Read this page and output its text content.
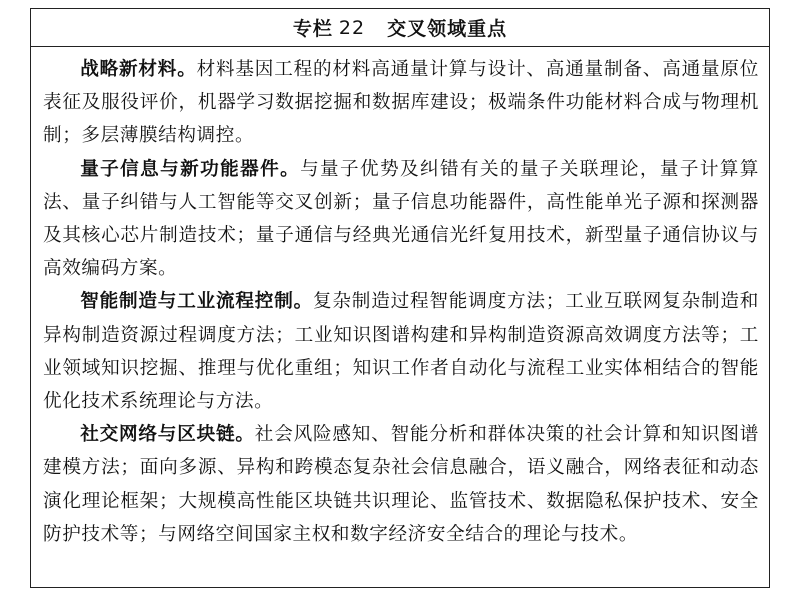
专栏 22 交叉领域重点

战略新材料。材料基因工程的材料高通量计算与设计、高通量制备、高通量原位表征及服役评价，机器学习数据挖掘和数据库建设；极端条件功能材料合成与物理机制；多层薄膜结构调控。

量子信息与新功能器件。与量子优势及纠错有关的量子关联理论，量子计算算法、量子纠错与人工智能等交叉创新；量子信息功能器件，高性能单光子源和探测器及其核心芯片制造技术；量子通信与经典光通信光纤复用技术，新型量子通信协议与高效编码方案。

智能制造与工业流程控制。复杂制造过程智能调度方法；工业互联网复杂制造和异构制造资源过程调度方法；工业知识图谱构建和异构制造资源高效调度方法等；工业领域知识挖掘、推理与优化重组；知识工作者自动化与流程工业实体相结合的智能优化技术系统理论与方法。

社交网络与区块链。社会风险感知、智能分析和群体决策的社会计算和知识图谱建模方法；面向多源、异构和跨模态复杂社会信息融合，语义融合，网络表征和动态演化理论框架；大规模高性能区块链共识理论、监管技术、数据隐私保护技术、安全防护技术等；与网络空间国家主权和数字经济安全结合的理论与技术。
